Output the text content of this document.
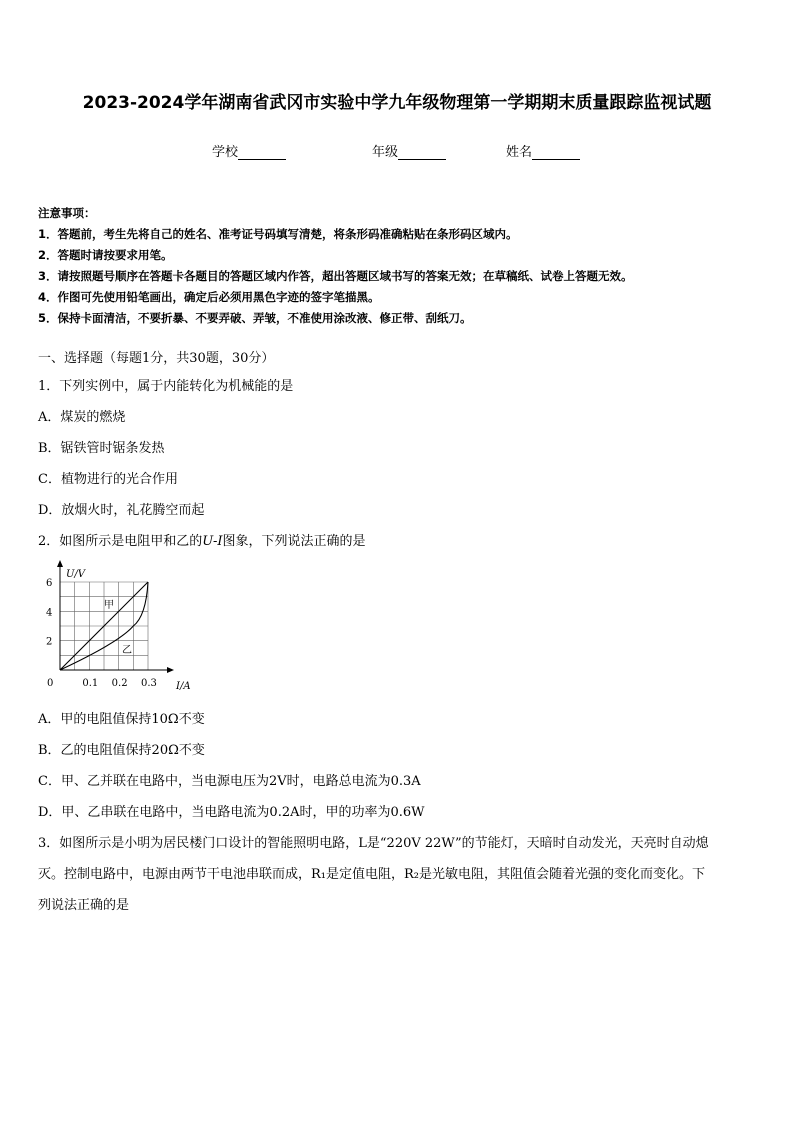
2023-2024学年湖南省武冈市实验中学九年级物理第一学期期末质量跟踪监视试题
学校	年级	姓名
注意事项：
1．答题前，考生先将自己的姓名、准考证号码填写清楚，将条形码准确粘贴在条形码区域内。
2．答题时请按要求用笔。
3．请按照题号顺序在答题卡各题目的答题区域内作答，超出答题区域书写的答案无效；在草稿纸、试卷上答题无效。
4．作图可先使用铅笔画出，确定后必须用黑色字迹的签字笔描黑。
5．保持卡面清洁，不要折暴、不要弄破、弄皱，不准使用涂改液、修正带、刮纸刀。
一、选择题（每题1分，共30题，30分）
1．下列实例中，属于内能转化为机械能的是
A．煤炭的燃烧
B．锯铁管时锯条发热
C．植物进行的光合作用
D．放烟火时，礼花腾空而起
2．如图所示是电阻甲和乙的U-I图象，下列说法正确的是
甲
乙
2
4
6
0.1 0.2 0.3
0	I/A
U/V
A．甲的电阻值保持10Ω不变
B．乙的电阻值保持20Ω不变
C．甲、乙并联在电路中，当电源电压为2V时，电路总电流为0.3A
D．甲、乙串联在电路中，当电路电流为0.2A时，甲的功率为0.6W
3．如图所示是小明为居民楼门口设计的智能照明电路，L是“220V 22W”的节能灯，天暗时自动发光，天亮时自动熄
灭。控制电路中，电源由两节干电池串联而成，R₁是定值电阻，R₂是光敏电阻，其阻值会随着光强的变化而变化。下
列说法正确的是
